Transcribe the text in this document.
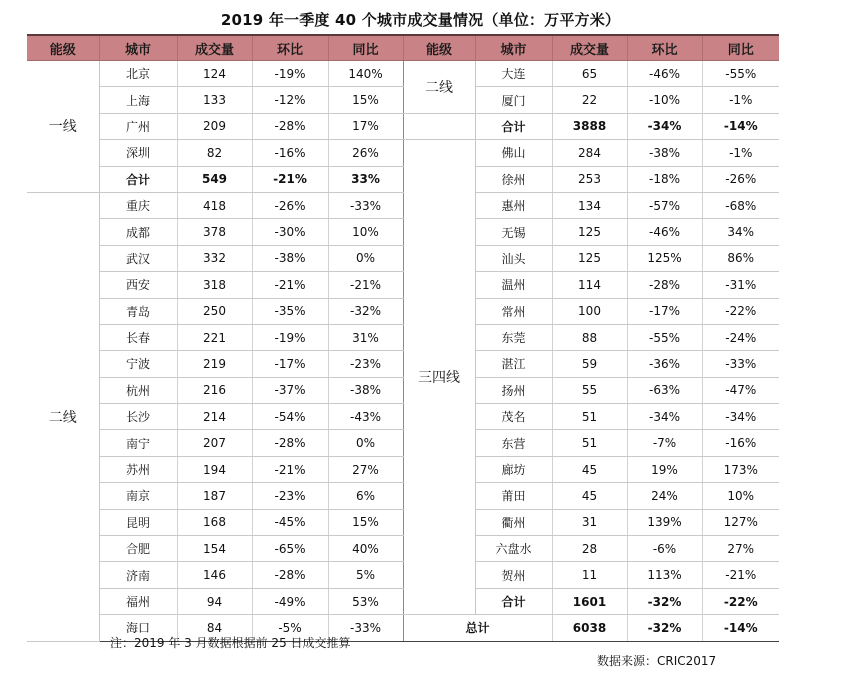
2019 年一季度 40 个城市成交量情况（单位：万平方米）
能级	城市	成交量	环比	同比	能级	城市	成交量	环比	同比
一线	北京	124	-19%	140%	二线	大连	65	-46%	-55%
	上海	133	-12%	15%		厦门	22	-10%	-1%
	广州	209	-28%	17%		合计	3888	-34%	-14%
	深圳	82	-16%	26%	三四线	佛山	284	-38%	-1%
	合计	549	-21%	33%		徐州	253	-18%	-26%
二线	重庆	418	-26%	-33%		惠州	134	-57%	-68%
	成都	378	-30%	10%		无锡	125	-46%	34%
	武汉	332	-38%	0%		汕头	125	125%	86%
	西安	318	-21%	-21%		温州	114	-28%	-31%
	青岛	250	-35%	-32%		常州	100	-17%	-22%
	长春	221	-19%	31%		东莞	88	-55%	-24%
	宁波	219	-17%	-23%		湛江	59	-36%	-33%
	杭州	216	-37%	-38%		扬州	55	-63%	-47%
	长沙	214	-54%	-43%		茂名	51	-34%	-34%
	南宁	207	-28%	0%		东营	51	-7%	-16%
	苏州	194	-21%	27%		廊坊	45	19%	173%
	南京	187	-23%	6%		莆田	45	24%	10%
	昆明	168	-45%	15%		衢州	31	139%	127%
	合肥	154	-65%	40%		六盘水	28	-6%	27%
	济南	146	-28%	5%		贺州	11	113%	-21%
	福州	94	-49%	53%		合计	1601	-32%	-22%
	海口	84	-5%	-33%	总计		6038	-32%	-14%
注：2019 年 3 月数据根据前 25 日成交推算
数据来源：CRIC2017
